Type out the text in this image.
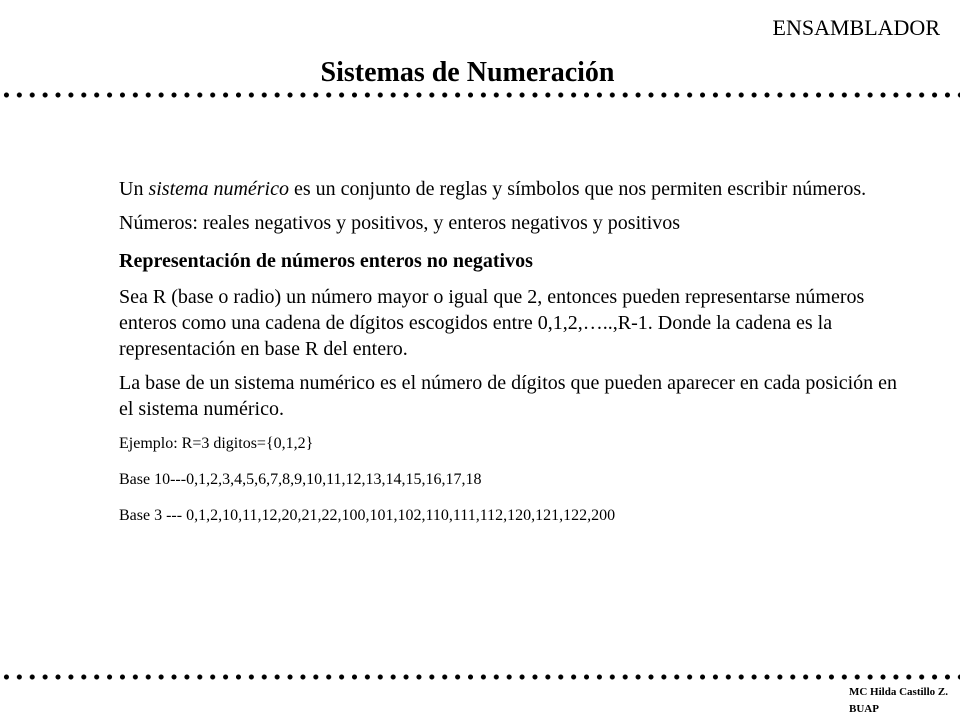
ENSAMBLADOR
Sistemas de Numeración

Un sistema numérico es un conjunto de reglas y símbolos que nos permiten escribir números.

Números: reales negativos y positivos, y enteros negativos y positivos

Representación de números enteros no negativos

Sea R (base o radio) un número mayor o igual que 2, entonces pueden representarse números enteros como una cadena de dígitos escogidos entre 0,1,2,…..,R-1. Donde la cadena es la representación en base R del entero.

La base de un sistema numérico es el número de dígitos que pueden aparecer en cada posición en el sistema numérico.

Ejemplo: R=3 digitos={0,1,2}

Base 10---0,1,2,3,4,5,6,7,8,9,10,11,12,13,14,15,16,17,18

Base 3 --- 0,1,2,10,11,12,20,21,22,100,101,102,110,111,112,120,121,122,200

MC Hilda Castillo Z.
BUAP
